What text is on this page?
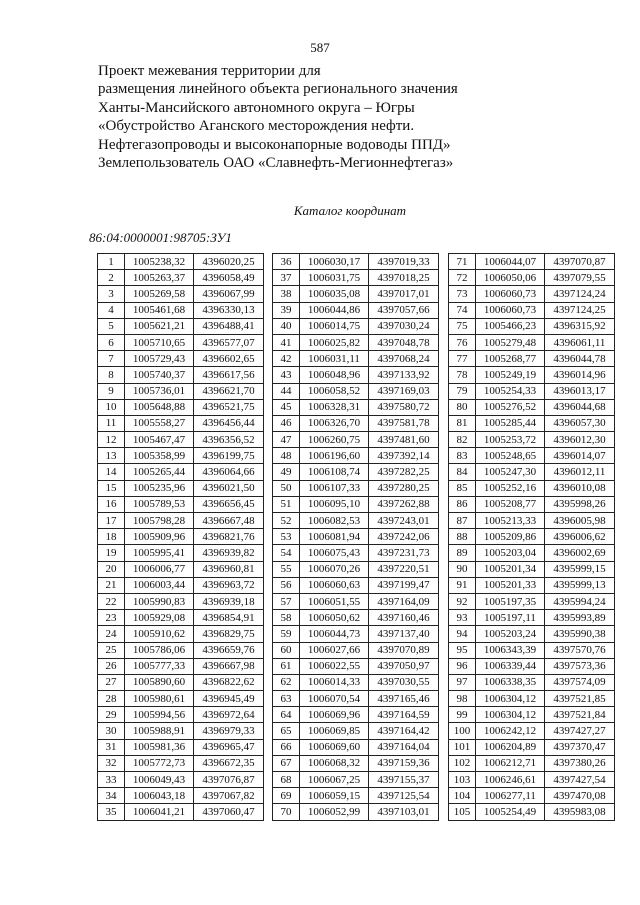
587
Проект межевания территории для
размещения линейного объекта регионального значения
Ханты-Мансийского автономного округа – Югры
«Обустройство Аганского месторождения нефти.
Нефтегазопроводы и высоконапорные водоводы ППД»
Землепользователь ОАО «Славнефть-Мегионнефтегаз»
Каталог координат
86:04:0000001:98705:ЗУ1
1	1005238,32	4396020,25
2	1005263,37	4396058,49
3	1005269,58	4396067,99
4	1005461,68	4396330,13
5	1005621,21	4396488,41
6	1005710,65	4396577,07
7	1005729,43	4396602,65
8	1005740,37	4396617,56
9	1005736,01	4396621,70
10	1005648,88	4396521,75
11	1005558,27	4396456,44
12	1005467,47	4396356,52
13	1005358,99	4396199,75
14	1005265,44	4396064,66
15	1005235,96	4396021,50
16	1005789,53	4396656,45
17	1005798,28	4396667,48
18	1005909,96	4396821,76
19	1005995,41	4396939,82
20	1006006,77	4396960,81
21	1006003,44	4396963,72
22	1005990,83	4396939,18
23	1005929,08	4396854,91
24	1005910,62	4396829,75
25	1005786,06	4396659,76
26	1005777,33	4396667,98
27	1005890,60	4396822,62
28	1005980,61	4396945,49
29	1005994,56	4396972,64
30	1005988,91	4396979,33
31	1005981,36	4396965,47
32	1005772,73	4396672,35
33	1006049,43	4397076,87
34	1006043,18	4397067,82
35	1006041,21	4397060,47
36	1006030,17	4397019,33
37	1006031,75	4397018,25
38	1006035,08	4397017,01
39	1006044,86	4397057,66
40	1006014,75	4397030,24
41	1006025,82	4397048,78
42	1006031,11	4397068,24
43	1006048,96	4397133,92
44	1006058,52	4397169,03
45	1006328,31	4397580,72
46	1006326,70	4397581,78
47	1006260,75	4397481,60
48	1006196,60	4397392,14
49	1006108,74	4397282,25
50	1006107,33	4397280,25
51	1006095,10	4397262,88
52	1006082,53	4397243,01
53	1006081,94	4397242,06
54	1006075,43	4397231,73
55	1006070,26	4397220,51
56	1006060,63	4397199,47
57	1006051,55	4397164,09
58	1006050,62	4397160,46
59	1006044,73	4397137,40
60	1006027,66	4397070,89
61	1006022,55	4397050,97
62	1006014,33	4397030,55
63	1006070,54	4397165,46
64	1006069,96	4397164,59
65	1006069,85	4397164,42
66	1006069,60	4397164,04
67	1006068,32	4397159,36
68	1006067,25	4397155,37
69	1006059,15	4397125,54
70	1006052,99	4397103,01
71	1006044,07	4397070,87
72	1006050,06	4397079,55
73	1006060,73	4397124,24
74	1006060,73	4397124,25
75	1005466,23	4396315,92
76	1005279,48	4396061,11
77	1005268,77	4396044,78
78	1005249,19	4396014,96
79	1005254,33	4396013,17
80	1005276,52	4396044,68
81	1005285,44	4396057,30
82	1005253,72	4396012,30
83	1005248,65	4396014,07
84	1005247,30	4396012,11
85	1005252,16	4396010,08
86	1005208,77	4395998,26
87	1005213,33	4396005,98
88	1005209,86	4396006,62
89	1005203,04	4396002,69
90	1005201,34	4395999,15
91	1005201,33	4395999,13
92	1005197,35	4395994,24
93	1005197,11	4395993,89
94	1005203,24	4395990,38
95	1006343,39	4397570,76
96	1006339,44	4397573,36
97	1006338,35	4397574,09
98	1006304,12	4397521,85
99	1006304,12	4397521,84
100	1006242,12	4397427,27
101	1006204,89	4397370,47
102	1006212,71	4397380,26
103	1006246,61	4397427,54
104	1006277,11	4397470,08
105	1005254,49	4395983,08
